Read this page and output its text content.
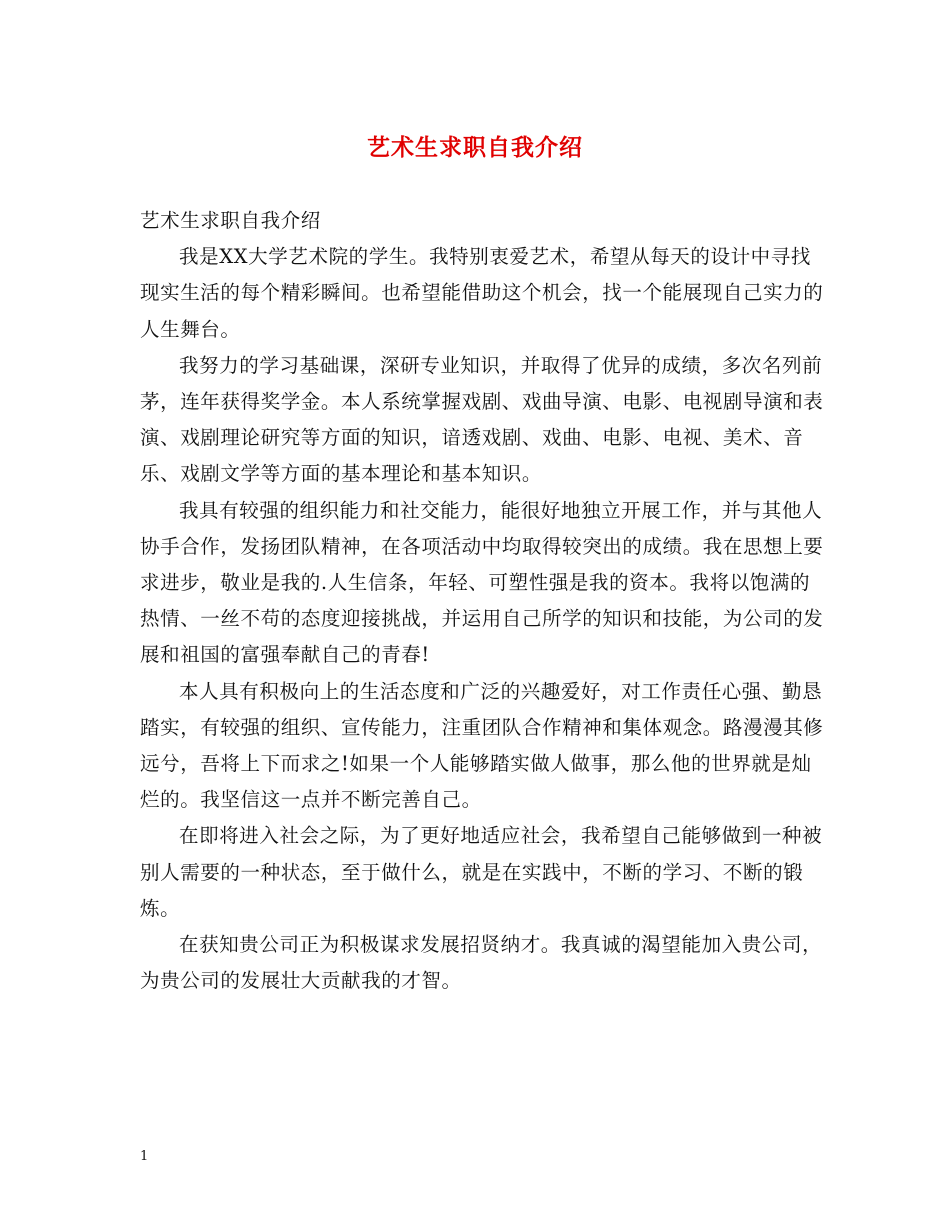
艺术生求职自我介绍

艺术生求职自我介绍

我是XX大学艺术院的学生。我特别衷爱艺术，希望从每天的设计中寻找现实生活的每个精彩瞬间。也希望能借助这个机会，找一个能展现自己实力的人生舞台。

我努力的学习基础课，深研专业知识，并取得了优异的成绩，多次名列前茅，连年获得奖学金。本人系统掌握戏剧、戏曲导演、电影、电视剧导演和表演、戏剧理论研究等方面的知识，谙透戏剧、戏曲、电影、电视、美术、音乐、戏剧文学等方面的基本理论和基本知识。

我具有较强的组织能力和社交能力，能很好地独立开展工作，并与其他人协手合作，发扬团队精神，在各项活动中均取得较突出的成绩。我在思想上要求进步，敬业是我的.人生信条，年轻、可塑性强是我的资本。我将以饱满的热情、一丝不苟的态度迎接挑战，并运用自己所学的知识和技能，为公司的发展和祖国的富强奉献自己的青春!

本人具有积极向上的生活态度和广泛的兴趣爱好，对工作责任心强、勤恳踏实，有较强的组织、宣传能力，注重团队合作精神和集体观念。路漫漫其修远兮，吾将上下而求之!如果一个人能够踏实做人做事，那么他的世界就是灿烂的。我坚信这一点并不断完善自己。

在即将进入社会之际，为了更好地适应社会，我希望自己能够做到一种被别人需要的一种状态，至于做什么，就是在实践中，不断的学习、不断的锻炼。

在获知贵公司正为积极谋求发展招贤纳才。我真诚的渴望能加入贵公司，为贵公司的发展壮大贡献我的才智。

1
